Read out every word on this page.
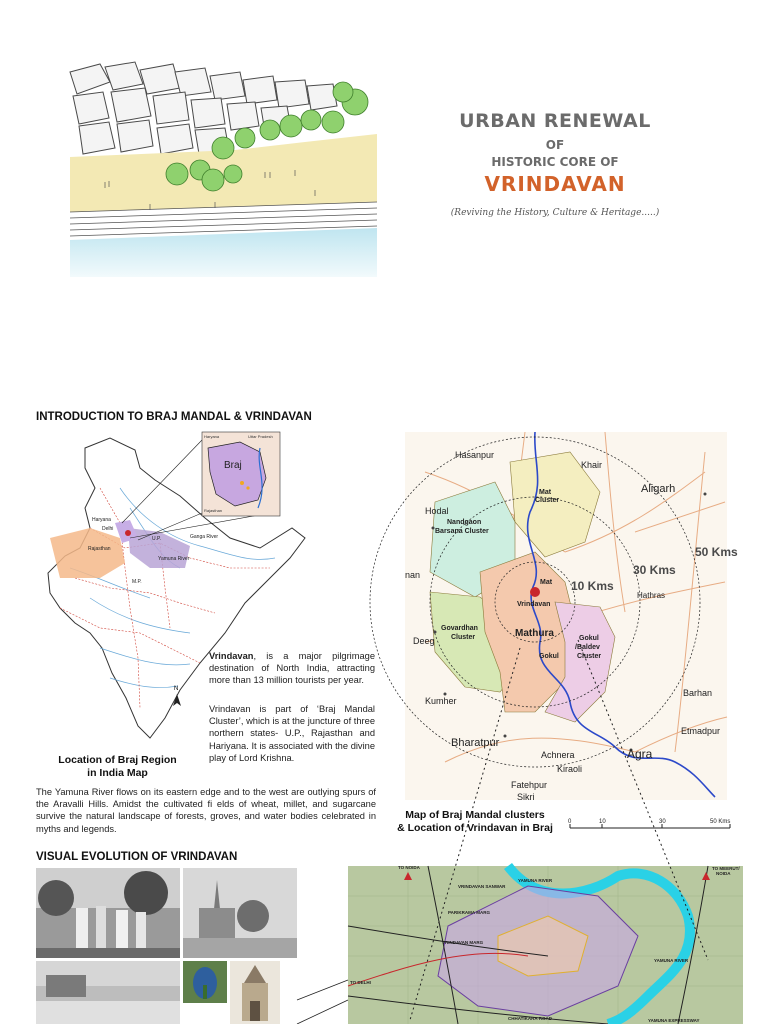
URBAN RENEWAL
OF
HISTORIC CORE OF
VRINDAVAN
(Reviving the History, Culture & Heritage.....)
INTRODUCTION TO BRAJ MANDAL & VRINDAVAN
Haryana
Delhi
Rajasthan
U.P.	Ganga River
Yamuna River
M.P.
Braj
Haryana	Uttar Pradesh
Rajasthan
N
Location of Braj Region
in India Map
Vrindavan, is a major pilgrimage destination of North India, attracting more than 13 million tourists per year.
Vrindavan is part of ‘Braj Mandal Cluster’, which is at the juncture of three northern states- U.P., Rajasthan and Hariyana. It is associated with the divine play of Lord Krishna.
The Yamuna River flows on its eastern edge and to the west are outlying spurs of the Aravalli Hills. Amidst the cultivated fi elds of wheat, millet, and sugarcane survive the natural landscape of forests, groves, and water bodies celebrated in myths and legends.
Hasanpur
Khair
Hodal
Aligarh
nan
Deeg
Hathras
Kumher
Barhan
Bharatpur
Achnera
Kiraoli
Agra
Etmadpur
Fatehpur
Sikri
Mathura
Vrindavan
Gokul
Mat
Mat
Cluster
Nandgaon
Barsana Cluster
Govardhan
Cluster	Gokul
/Baldev
Cluster
10 Kms
30 Kms
50 Kms
Map of Braj Mandal clusters
& Location of Vrindavan in Braj	0	10	30	50 Kms
VISUAL EVOLUTION OF VRINDAVAN
TO NOIDA	TO MEERUT/
NOIDA
YAMUNA RIVER
YAMUNA RIVER
TO DELHI
PARIKRAMA MARG
YAMUNA EXPRESSWAY
CHHATIKARA ROAD
VRINDAVAN SANWAR
VRINDAVAN MARG
